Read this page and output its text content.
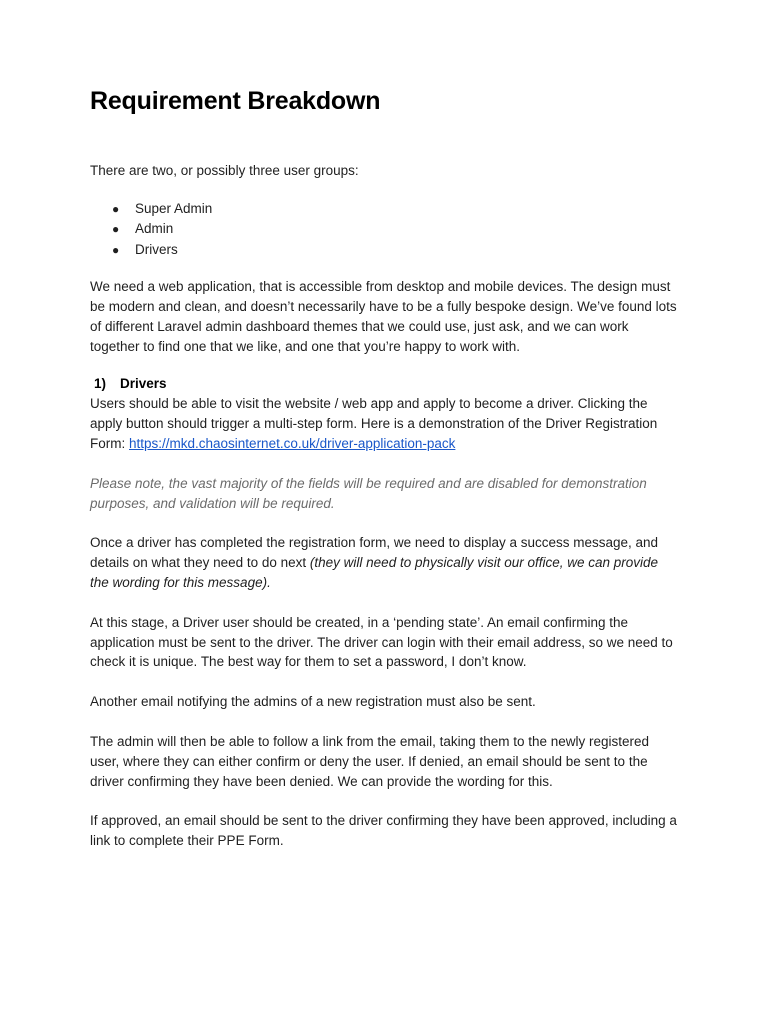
Requirement Breakdown

There are two, or possibly three user groups:

● Super Admin
● Admin
● Drivers

We need a web application, that is accessible from desktop and mobile devices. The design must be modern and clean, and doesn’t necessarily have to be a fully bespoke design. We’ve found lots of different Laravel admin dashboard themes that we could use, just ask, and we can work together to find one that we like, and one that you’re happy to work with.

1) Drivers

Users should be able to visit the website / web app and apply to become a driver. Clicking the apply button should trigger a multi-step form. Here is a demonstration of the Driver Registration Form: https://mkd.chaosinternet.co.uk/driver-application-pack

Please note, the vast majority of the fields will be required and are disabled for demonstration purposes, and validation will be required.

Once a driver has completed the registration form, we need to display a success message, and details on what they need to do next (they will need to physically visit our office, we can provide the wording for this message).

At this stage, a Driver user should be created, in a ‘pending state’. An email confirming the application must be sent to the driver. The driver can login with their email address, so we need to check it is unique. The best way for them to set a password, I don’t know.

Another email notifying the admins of a new registration must also be sent.

The admin will then be able to follow a link from the email, taking them to the newly registered user, where they can either confirm or deny the user. If denied, an email should be sent to the driver confirming they have been denied. We can provide the wording for this.

If approved, an email should be sent to the driver confirming they have been approved, including a link to complete their PPE Form.
